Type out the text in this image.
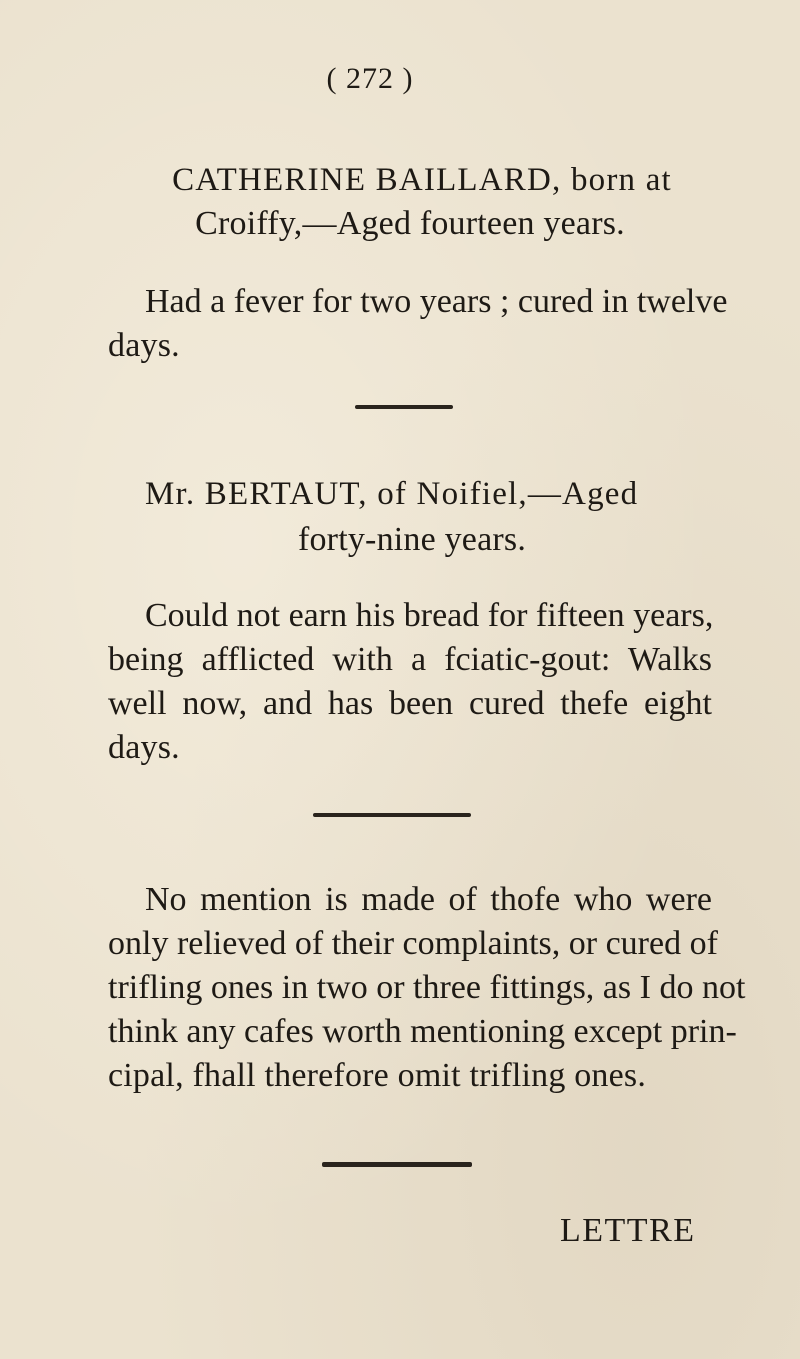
( 272 )
CATHERINE BAILLARD, born at
Croiffy,—Aged fourteen years.
Had a fever for two years ; cured in twelve
days.
Mr. BERTAUT, of Noifiel,—Aged
forty-nine years.
Could not earn his bread for fifteen years,
being afflicted with a fciatic-gout: Walks
well now, and has been cured thefe eight
days.
No mention is made of thofe who were
only relieved of their complaints, or cured of
trifling ones in two or three fittings, as I do not
think any cafes worth mentioning except prin-
cipal, fhall therefore omit trifling ones.
LETTRE
